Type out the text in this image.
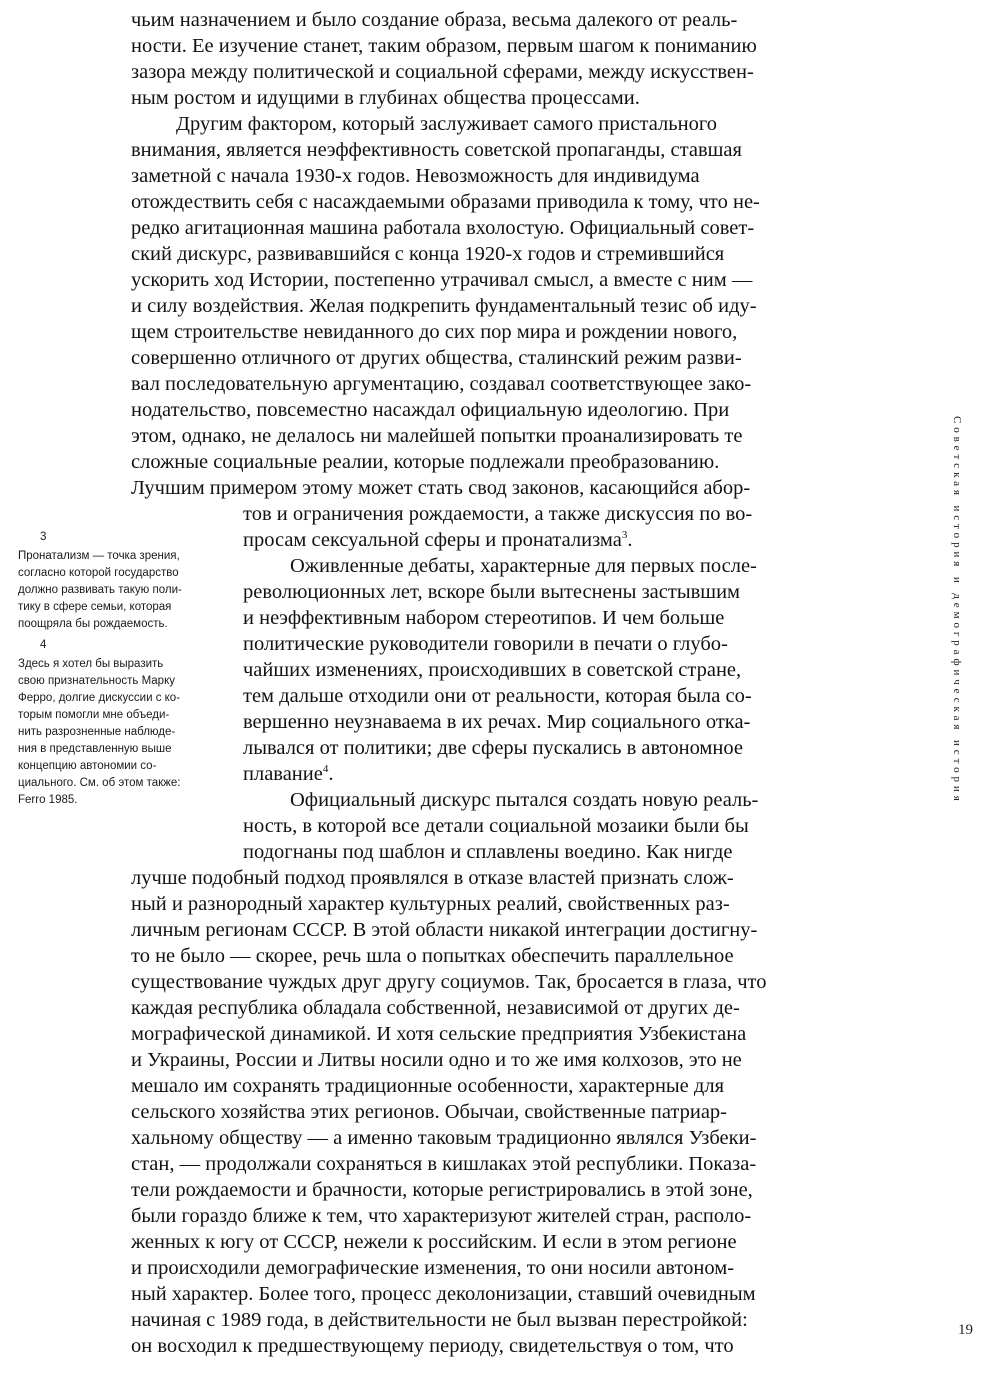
чьим назначением и было создание образа, весьма далекого от реаль-

ности. Ее изучение станет, таким образом, первым шагом к пониманию

зазора между политической и социальной сферами, между искусствен-

ным ростом и идущими в глубинах общества процессами.

Другим фактором, который заслуживает самого пристального

внимания, является неэффективность советской пропаганды, ставшая

заметной с начала 1930-х годов. Невозможность для индивидума

отождествить себя с насаждаемыми образами приводила к тому, что не-

редко агитационная машина работала вхолостую. Официальный совет-

ский дискурс, развивавшийся с конца 1920-х годов и стремившийся

ускорить ход Истории, постепенно утрачивал смысл, а вместе с ним —

и силу воздействия. Желая подкрепить фундаментальный тезис об иду-

щем строительстве невиданного до сих пор мира и рождении нового,

совершенно отличного от других общества, сталинский режим разви-

вал последовательную аргументацию, создавал соответствующее зако-

нодательство, повсеместно насаждал официальную идеологию. При

этом, однако, не делалось ни малейшей попытки проанализировать те

сложные социальные реалии, которые подлежали преобразованию.

Лучшим примером этому может стать свод законов, касающийся абор-

тов и ограничения рождаемости, а также дискуссия по во-

просам сексуальной сферы и пронатализма$^3$.

Оживленные дебаты, характерные для первых после-

революционных лет, вскоре были вытеснены застывшим

и неэффективным набором стереотипов. И чем больше

политические руководители говорили в печати о глубо-

чайших изменениях, происходивших в советской стране,

тем дальше отходили они от реальности, которая была со-

вершенно неузнаваема в их речах. Мир социального отка-

лывался от политики; две сферы пускались в автономное

плавание$^4$.

Официальный дискурс пытался создать новую реаль-

ность, в которой все детали социальной мозаики были бы

подогнаны под шаблон и сплавлены воедино. Как нигде

лучше подобный подход проявлялся в отказе властей признать слож-

ный и разнородный характер культурных реалий, свойственных раз-

личным регионам СССР. В этой области никакой интеграции достигну-

то не было — скорее, речь шла о попытках обеспечить параллельное

существование чуждых друг другу социумов. Так, бросается в глаза, что

каждая республика обладала собственной, независимой от других де-

мографической динамикой. И хотя сельские предприятия Узбекистана

и Украины, России и Литвы носили одно и то же имя колхозов, это не

мешало им сохранять традиционные особенности, характерные для

сельского хозяйства этих регионов. Обычаи, свойственные патриар-

хальному обществу — а именно таковым традиционно являлся Узбеки-

стан, — продолжали сохраняться в кишлаках этой республики. Показа-

тели рождаемости и брачности, которые регистрировались в этой зоне,

были гораздо ближе к тем, что характеризуют жителей стран, располо-

женных к югу от СССР, нежели к российским. И если в этом регионе

и происходили демографические изменения, то они носили автоном-

ный характер. Более того, процесс деколонизации, ставший очевидным

начиная с 1989 года, в действительности не был вызван перестройкой:

он восходил к предшествующему периоду, свидетельствуя о том, что

3
Пронатализм — точка зрения,
согласно которой государство
должно развивать такую поли-
тику в сфере семьи, которая
поощряла бы рождаемость.
4
Здесь я хотел бы выразить
свою признательность Марку
Ферро, долгие дискуссии с ко-
торым помогли мне объеди-
нить разрозненные наблюде-
ния в представленную выше
концепцию автономии со-
циального. См. об этом также:
Ferro 1985.	Советская история и демографическая история
19
